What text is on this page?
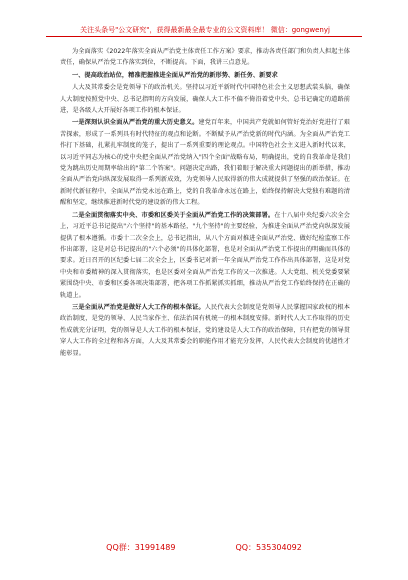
关注头条号"公文研究"，获得最新最全最专业的公文资料库！ 微信：gongwenyj

为全面落实《2022年落实全面从严治党主体责任工作方案》要求，推动各责任部门和负责人担起主体责任，确保从严治党工作落实到位，不断提高。下面，我讲三点意见。

一、提高政治站位，精准把握推进全面从严治党的新形势、新任务、新要求

人大及其常委会是党领导下的政治机关。坚持以习近平新时代中国特色社会主义思想武装头脑，确保人大制度按照党中央、总书记指明的方向发展，确保人大工作不偏不倚沿着党中央、总书记确定的道路前进，是各级人大开展好各项工作的根本保证。

一是深刻认识全面从严治党的重大历史意义。建党百年来，中国共产党就如何管好党治好党进行了艰苦探索，形成了一系列具有时代特征的观点和论断。不断赋予从严治党新的时代内涵。为全面从严治党工作打下基础，扎紧扎牢制度的笼子，提出了一系列重要的理论观点。中国特色社会主义进入新时代以来，以习近平同志为核心的党中央把全面从严治党纳入"四个全面"战略布局，明确提出，党的自我革命是我们党为跳出历史周期率给出的"第二个答案"。问题决定出路，我们着眼于解决重大问题提出的新举措，推动全面从严治党向纵深发展取得一系列新成效，为党领导人民取得新的伟大成就提供了坚强的政治保证。在新时代新征程中，全面从严治党永远在路上，党的自我革命永远在路上，始终保持解决大党独有难题的清醒和坚定，继续推进新时代党的建设新的伟大工程。

二是全面贯彻落实中央、市委和区委关于全面从严治党工作的决策部署。在十八届中央纪委六次全会上，习近平总书记提出"六个坚持"的基本路径，"九个坚持"的主要经验，为推进全面从严治党向纵深发展提供了根本遵循。市委十二次全会上，总书记指出，从八个方面对推进全面从严治党、做好纪检监察工作作出部署，这是对总书记提出的"六个必须"的具体化部署，也是对全面从严治党工作提出的明确而具体的要求。近日召开的区纪委七届二次全会上，区委书记对新一年全面从严治党工作作出具体部署，这是对党中央和市委精神的深入贯彻落实，也是区委对全面从严治党工作的又一次推进。人大党组、机关党委要紧紧围绕中央、市委和区委各项决策部署，把各项工作抓紧抓实抓细，推动从严治党工作始终保持在正确的轨道上。

三是全面从严治党是做好人大工作的根本保证。人民代表大会制度是党领导人民掌握国家政权的根本政治制度，是党的领导、人民当家作主、依法治国有机统一的根本制度安排。新时代人大工作取得的历史性成就充分证明，党的领导是人大工作的根本保证，党的建设是人大工作的政治保障，只有把党的领导贯穿人大工作的全过程和各方面，人大及其常委会的职能作用才能充分发挥，人民代表大会制度的优越性才能彰显。

QQ群：31991489	QQ：535304092
